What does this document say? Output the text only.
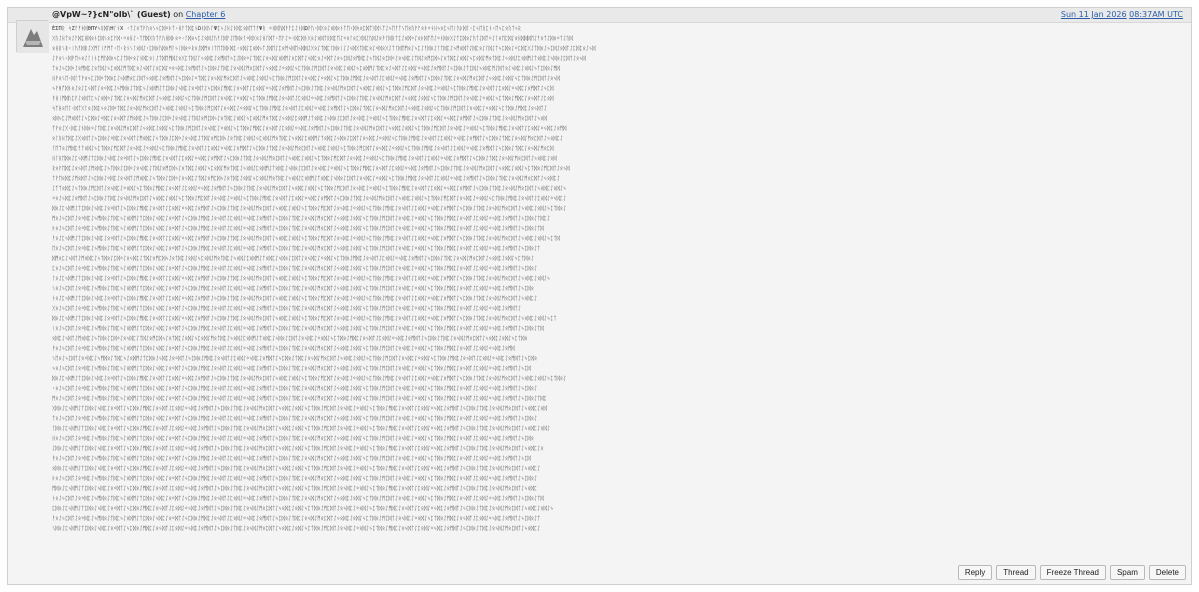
@VpW~?}cN"olb\` (Guest) on Chapter 6	Sun 11 Jan 2026 08:37AM UTC
ÈΣΠᚱ ᛋΖᚨᚠᚼᛞΘΠΥᛃᚱᛞᚢΗᛚᚾΧ ᚲᛏᛇᛟᛉᚹᚢᛟᛊᛃᛈᛞᛜᚦᛏᚲᚺᚨᛏᛞᛈᚾΩᚾᛞᛊᚴΨᛈᛃᛇᚺᛇᚦᛞᛈᛟᛞᛉᛏᚨΨᚱ ᛜᚺᛞᚢᛞᚹᚨᛈᛇᚾᛞΩᚹᚢᚲᛞᚷᛟᛇᛟᛞᛟᚾᛏᛖᚲᛞᛋᛟᛈᛞᛏᚷᛞᛊᛉᛇᛃᛖᚨᛏᛊᛖᛟᚢᚹᚨᛟᚦᛜᚾᚺᛃᛟᛈᛃᛖᛁᚢᚦᛞᛚᚲᛈᛃᛖᚱᛈᚾᚲᛖᛃᛈᛟᚢᛏᛃᚱ
ᚷᚢᛇᚺᛏᛟᛇᚨᛞᛈᚺᛞᛟᚾᛈᛞᛊᛟᛈᚨᛞᚲᛜᛟᚺᛇᚲᛏᛖᛞᚷᚢᛏᚨᚢᚺᛞᚦᛟᛜᚲᛚᛞᛟᛃᛈᛇᛟᛞᛇᚢᚨᛚᛞᚨᛇᛖᛞᛟᛚᛜᛞᚷᛟᛇᚺᛚᛞᛏᚲᛖᚨᛇᛜᚲᛞᛈᛞᚾᚷᛟᛇᛟᛞᛏᚱᛞᛈᛖᛇᛜᛟᛚᛟᛈᚷᛞᛇᚢᛞᛇᛟᚹᛚᛞᚱᛏᛈᛇᛟᛞᛜᛇᛟᚦᛞᛏᛖᛇᛜᚾᛞᛟᚷᛇᛏᛈᛞᛟᛇᚢᛏᛇᛞᛏᛜᛇᛚᛟᛖᛈᛞᛇᛟᚺᛞᛞᛞᛖᛇᚨᛟᛏᛇᛞᛟᛜᛏᛇᚢᛞ
ᛟᚺᛒᛊᛒᚲᛁᚢᚨᛞᛒᛇᚷᛗᛚᛁᚠᛗᛏᚲᛖᚲᚱᚾᛊᛚᛟᛞᛇᚲᛈᛞᛟᚢᛞᛟᛗᛚᛃᛁᛞᛟᛜᚱᛟᛇᛞᛗᛟᛁᛏᛖᛏᛞᚦᛞᛈᚲᛟᛞᛇᛈᛟᛞᛃᛏᛇᛞᛖᛇᛈᛟᛗᛃᛞᛖᛃᛞᛞᛇᚷᛟᛇᛏᛞᛈᛚᛞᛟᛁᛇᛇᛃᛞᚷᛏᛞᛈᛟᛇᛜᛞᛟᚷᛇᛏᛚᛞᛖᛗᛟᛇᛃᛈᛇᚨᛞᛟᛇᛚᛏᛞᛈᛇᛃᛗᛟᛞᛏᛇᛞᛈᛟᛇᛚᛞᛇᛏᛃᛈᛞᛟᛇᛜᛈᛞᛈᚷᛇᛏᛞᛟᛇᛃᛈᛞᛇᛟᛞᛏᛇᛈᛞᛈᛟᛇᛃᛞ
ᛇᚹᛟᛊᚲᛞᚹᛖᛃᛟᛇᛚᛁᚾᛈᛗᚢᛞᛟᛃᛈᛇᛏᛞᛜᛟᛇᚾᛞᛈᛟᛁᛇᛏᛞᛖᛗᛞᛇᛟᚷᛈᛏᛞᛇᛚᛃᛟᛞᛈᛇᛟᛗᛞᛏᛃᛈᛇᛞᛟᛜᛇᛏᛞᛈᛇᛟᛃᛞᛇᛟᛞᛗᛇᛟᛈᛞᛏᛇᛃᛞᛈᛟᛇᛜᛞᛏᛇᛟᛃᛈᛞᛇᛟᛗᛞᛈᛇᛃᛏᛞᛇᛟᛈᛞᛜᛇᛟᛃᛞᛈᛇᛏᛞᛇᛟᛗᛈᛞᛃᛇᛟᛏᛞᛈᛇᛟᛞᛇᛃᛈᛟᛞᛇᛗᛟᛏᛞᛈᛇᛃᛟᛞᛇᛈᛟᛞᛗᛇᛏᛟᛞᛈᛇᛃᛞᛟᛇᛈᛞᛏᛇᛟᛃᛞ
ᛏᛟᛇᛃᛈᛞᛜᛇᛟᛗᛞᛈᛇᛟᛏᛞᛇᛃᛈᛟᛞᛇᛗᛏᛞᛈᛟᛇᛃᛞᛏᛇᛟᛈᛞᛇᛜᛟᛃᛞᛈᛇᛟᛗᛞᛏᛇᛃᛈᛞᛟᛇᛏᛞᛈᛇᛟᛃᛞᛇᛗᛟᛈᛞᛏᛇᛃᛟᛞᛈᛇᛜᛟᛞᛇᛃᛈᛏᛞᛟᛇᛗᛈᛞᛏᛇᛟᛃᛞᛈᛇᛟᛞᛇᛃᛈᛟᛞᛗᛇᛏᛞᛈᛟᛇᛃᛞᛏᛇᛈᛟᛞᛇᛜᛃᛞᛈᛇᛟᛗᛞᛏᛇᛃᛈᛞᛟᛇᛏᛈᛞᛇᛃᛟᛞᛈᛗᛇᛞᛏᛟᛇᛃᛞᛈᛇᛟᛞᛇᛃᛏᛈᛞᛟᛇᛗᛞ
ᚺᚹᛟᛊᛖᚲᛞᛚᛏᚹᛟᛃᛈᛇᛞᛜᛏᛞᛟᛈᛇᛃᛞᛗᛟᛈᛇᛞᛏᛃᛟᛞᛈᛇᛟᛗᛞᛏᛇᛃᛈᛞᛟᛇᛜᛏᛞᛈᛇᛟᛃᛞᛇᛗᛟᛈᛞᛏᛇᛃᛟᛞᛈᛇᛟᛞᛇᛃᛈᛏᛞᛟᛇᛗᛈᛞᛏᛇᛟᛃᛞᛈᛇᛜᛟᛞᛇᛃᛈᛏᛞᛟᛇᛗᛞᛈᛇᛟᛃᛞᛏᛇᛈᛟᛞᛇᛜᛃᛞᛈᛇᛟᛗᛞᛏᛇᛃᛈᛞᛟᛇᛏᛞᛈᛇᛟᛃᛞᛇᛗᛟᛈᛞᛏᛇᛃᛟᛞᛈᛇᛟᛞᛇᛃᛈᛏᛞᛟᛇᛗᛈᛞᛏᛇᛟᛃᛞ
ᛃᚹᚻᚩᛞᚾᛟᛇᛟᛇᛈᛃᛞᛏᛇᛟᛜᛞᛈᛇᛃᛗᛞᛟᛇᛏᛞᛈᛃᛇᛟᛞᛗᛇᛏᛈᛞᛟᛇᛃᛞᛈᛇᛟᛜᛞᛏᛇᛃᛈᛞᛟᛇᛗᛞᛈᛇᛟᛃᛞᛏᛇᛈᛟᛞᛇᛜᛃᛞᛈᛇᛟᛗᛞᛏᛇᛃᛈᛞᛟᛇᛏᛞᛈᛇᛟᛃᛞᛇᛗᛟᛈᛞᛏᛇᛃᛟᛞᛈᛇᛟᛞᛇᛃᛈᛏᛞᛟᛇᛗᛈᛞᛏᛇᛟᛃᛞᛈᛇᛜᛟᛞᛇᛃᛈᛏᛞᛟᛇᛗᛞᛈᛇᛟᛃᛞᛏᛇᛈᛟᛞᛇᛜᛃᛞᛈᛇᛟᛗᛞᛏᛇᛃᛈᛞ
ᚹᚺᛁᛗᛞᚢᛈᚹᛇᛟᛞᛏᛈᛃᛇᛟᛞᛜᛇᛏᛞᛈᛇᛟᛃᛞᛇᛗᛟᛈᛞᛏᛇᛃᛟᛞᛈᛇᛟᛞᛇᛃᛈᛏᛞᛟᛇᛗᛈᛞᛏᛇᛟᛃᛞᛈᛇᛜᛟᛞᛇᛃᛈᛏᛞᛟᛇᛗᛞᛈᛇᛟᛃᛞᛏᛇᛈᛟᛞᛇᛜᛃᛞᛈᛇᛟᛗᛞᛏᛇᛃᛈᛞᛟᛇᛏᛞᛈᛇᛟᛃᛞᛇᛗᛟᛈᛞᛏᛇᛃᛟᛞᛈᛇᛟᛞᛇᛃᛈᛏᛞᛟᛇᛗᛈᛞᛏᛇᛟᛃᛞᛈᛇᛜᛟᛞᛇᛃᛈᛏᛞᛟᛇᛗᛞᛈᛇᛟᛃᛞᛏᛇᛈᛟᛞ
ᛋᛉᚺᛟᛖᛚᚲᛞᛏᚷᛚᛟᛇᛞᛈᛃᛟᛇᛞᛜᛏᛞᛈᛇᛟᛃᛞᛇᛗᛟᛈᛞᛏᛇᛃᛟᛞᛈᛇᛟᛞᛇᛃᛈᛏᛞᛟᛇᛗᛈᛞᛏᛇᛟᛃᛞᛈᛇᛜᛟᛞᛇᛃᛈᛏᛞᛟᛇᛗᛞᛈᛇᛟᛃᛞᛏᛇᛈᛟᛞᛇᛜᛃᛞᛈᛇᛟᛗᛞᛏᛇᛃᛈᛞᛟᛇᛏᛞᛈᛇᛟᛃᛞᛇᛗᛟᛈᛞᛏᛇᛃᛟᛞᛈᛇᛟᛞᛇᛃᛈᛏᛞᛟᛇᛗᛈᛞᛏᛇᛟᛃᛞᛈᛇᛜᛟᛞᛇᛃᛈᛏᛞᛟᛇᛗᛞᛈᛇᛟᛃᛞᛏᛇ
ᛟᛞᛃᛈᛇᛗᛟᛞᛏᛇᛃᛈᛞᛟᛇᛜᛞᛈᛇᛟᛃᛞᛏᛇᛗᛟᛞᛈᛇᛃᛏᛞᛟᛇᛈᛞᛜᛇᛟᛃᛞᛈᛇᛏᛞᛇᛟᛗᛈᛞᛃᛇᛟᛏᛞᛈᛇᛟᛞᛇᛃᛈᛟᛞᛇᛗᛟᛏᛞᛈᛇᛃᛟᛞᛇᛈᛟᛞᛗᛇᛏᛟᛞᛈᛇᛃᛞᛟᛇᛈᛞᛏᛇᛟᛃᛞᛈᛇᛜᛟᛞᛇᛃᛈᛏᛞᛟᛇᛗᛞᛈᛇᛟᛃᛞᛏᛇᛈᛟᛞᛇᛜᛃᛞᛈᛇᛟᛗᛞᛏᛇᛃᛈᛞᛟᛇᛏᛞᛈᛇᛟᛃᛞᛇᛗᛟᛈᛞᛏᛇᛃᛟᛞ
ᛉᚹᛟᛇᚷᚲᛞᛈᛇᚾᛞᛟᛜᛇᛏᛞᛈᛇᛟᛃᛞᛇᛗᛟᛈᛞᛏᛇᛃᛟᛞᛈᛇᛟᛞᛇᛃᛈᛏᛞᛟᛇᛗᛈᛞᛏᛇᛟᛃᛞᛈᛇᛜᛟᛞᛇᛃᛈᛏᛞᛟᛇᛗᛞᛈᛇᛟᛃᛞᛏᛇᛈᛟᛞᛇᛜᛃᛞᛈᛇᛟᛗᛞᛏᛇᛃᛈᛞᛟᛇᛏᛞᛈᛇᛟᛃᛞᛇᛗᛟᛈᛞᛏᛇᛃᛟᛞᛈᛇᛟᛞᛇᛃᛈᛏᛞᛟᛇᛗᛈᛞᛏᛇᛟᛃᛞᛈᛇᛜᛟᛞᛇᛃᛈᛏᛞᛟᛇᛗᛞᛈᛇᛟᛃᛞᛏᛇᛈᛟᛞᛇᛜᛃᛞᛈᛇᛟᛗᛞ
ᛟᛚᚱᚺᛏᛞᛈᛇᚷᛟᛞᛏᛇᛃᛈᛞᛟᛇᛜᛞᛈᛇᛟᛃᛞᛏᛇᛗᛟᛞᛈᛇᛃᛏᛞᛟᛇᛈᛞᛜᛇᛟᛃᛞᛈᛇᛏᛞᛇᛟᛗᛈᛞᛃᛇᛟᛏᛞᛈᛇᛟᛞᛇᛃᛈᛟᛞᛇᛗᛟᛏᛞᛈᛇᛃᛟᛞᛇᛈᛟᛞᛗᛇᛏᛟᛞᛈᛇᛃᛞᛟᛇᛈᛞᛏᛇᛟᛃᛞᛈᛇᛜᛟᛞᛇᛃᛈᛏᛞᛟᛇᛗᛞᛈᛇᛟᛃᛞᛏᛇᛈᛟᛞᛇᛜᛃᛞᛈᛇᛟᛗᛞᛏᛇᛃᛈᛞᛟᛇᛏᛞᛈᛇᛟᛃᛞᛇᛗᛟᛈᛞᛏᛇᛃᛟᛞᛈᛇ
ᚴᛖᛉᛟᛇᛗᛞᛈᚨᛏᛟᛞᛇᛃᛈᛏᛞᛟᛇᛗᛈᛞᛏᛇᛟᛃᛞᛈᛇᛜᛟᛞᛇᛃᛈᛏᛞᛟᛇᛗᛞᛈᛇᛟᛃᛞᛏᛇᛈᛟᛞᛇᛜᛃᛞᛈᛇᛟᛗᛞᛏᛇᛃᛈᛞᛟᛇᛏᛞᛈᛇᛟᛃᛞᛇᛗᛟᛈᛞᛏᛇᛃᛟᛞᛈᛇᛟᛞᛇᛃᛈᛏᛞᛟᛇᛗᛈᛞᛏᛇᛟᛃᛞᛈᛇᛜᛟᛞᛇᛃᛈᛏᛞᛟᛇᛗᛞᛈᛇᛟᛃᛞᛏᛇᛈᛟᛞᛇᛜᛃᛞᛈᛇᛟᛗᛞᛏᛇᛃᛈᛞᛟᛇᛏᛞᛈᛇᛟᛃᛞᛇᛗᛟᛈᛞ
ᚺᛚᚱᛖᛞᛟᛇᛈᛃᛞᛗᛇᛏᛈᛞᛟᛇᛃᛞᛈᛇᛟᛜᛞᛏᛇᛃᛈᛞᛟᛇᛗᛞᛈᛇᛟᛃᛞᛏᛇᛈᛟᛞᛇᛜᛃᛞᛈᛇᛟᛗᛞᛏᛇᛃᛈᛞᛟᛇᛏᛞᛈᛇᛟᛃᛞᛇᛗᛟᛈᛞᛏᛇᛃᛟᛞᛈᛇᛟᛞᛇᛃᛈᛏᛞᛟᛇᛗᛈᛞᛏᛇᛟᛃᛞᛈᛇᛜᛟᛞᛇᛃᛈᛏᛞᛟᛇᛗᛞᛈᛇᛟᛃᛞᛏᛇᛈᛟᛞᛇᛜᛃᛞᛈᛇᛟᛗᛞᛏᛇᛃᛈᛞᛟᛇᛏᛞᛈᛇᛟᛃᛞᛇᛗᛟᛈᛞᛏᛇᛃᛟᛞᛈᛇᛟᛞ
ᚱᛟᚹᛖᛞᛈᛇᛟᛃᛞᛏᛇᛗᛟᛞᛈᛇᛃᛏᛞᛟᛇᛈᛞᛜᛇᛟᛃᛞᛈᛇᛏᛞᛇᛟᛗᛈᛞᛃᛇᛟᛏᛞᛈᛇᛟᛞᛇᛃᛈᛟᛞᛇᛗᛟᛏᛞᛈᛇᛃᛟᛞᛇᛈᛟᛞᛗᛇᛏᛟᛞᛈᛇᛃᛞᛟᛇᛈᛞᛏᛇᛟᛃᛞᛈᛇᛜᛟᛞᛇᛃᛈᛏᛞᛟᛇᛗᛞᛈᛇᛟᛃᛞᛏᛇᛈᛟᛞᛇᛜᛃᛞᛈᛇᛟᛗᛞᛏᛇᛃᛈᛞᛟᛇᛏᛞᛈᛇᛟᛃᛞᛇᛗᛟᛈᛞᛏᛇᛃᛟᛞᛈᛇᛟᛞᛇᛃᛈᛏᛞᛟᛇᛗᛈᛞᛏᛇᛟᛃᛞ
ᛏᚹᛖᛟᛞᛈᛇᛗᛟᛞᛏᛇᛃᛈᛞᛟᛇᛜᛞᛈᛇᛟᛃᛞᛏᛇᛗᛟᛞᛈᛇᛃᛏᛞᛟᛇᛈᛞᛜᛇᛟᛃᛞᛈᛇᛏᛞᛇᛟᛗᛈᛞᛃᛇᛟᛏᛞᛈᛇᛟᛞᛇᛃᛈᛟᛞᛇᛗᛟᛏᛞᛈᛇᛃᛟᛞᛇᛈᛟᛞᛗᛇᛏᛟᛞᛈᛇᛃᛞᛟᛇᛈᛞᛏᛇᛟᛃᛞᛈᛇᛜᛟᛞᛇᛃᛈᛏᛞᛟᛇᛗᛞᛈᛇᛟᛃᛞᛏᛇᛈᛟᛞᛇᛜᛃᛞᛈᛇᛟᛗᛞᛏᛇᛃᛈᛞᛟᛇᛏᛞᛈᛇᛟᛃᛞᛇᛗᛟᛈᛞᛏᛇᛃᛟᛞᛈᛇ
ᛇᛏᛉᛟᛞᛈᛇᛃᛏᛞᛟᛇᛗᛈᛞᛏᛇᛟᛃᛞᛈᛇᛜᛟᛞᛇᛃᛈᛏᛞᛟᛇᛗᛞᛈᛇᛟᛃᛞᛏᛇᛈᛟᛞᛇᛜᛃᛞᛈᛇᛟᛗᛞᛏᛇᛃᛈᛞᛟᛇᛏᛞᛈᛇᛟᛃᛞᛇᛗᛟᛈᛞᛏᛇᛃᛟᛞᛈᛇᛟᛞᛇᛃᛈᛏᛞᛟᛇᛗᛈᛞᛏᛇᛟᛃᛞᛈᛇᛜᛟᛞᛇᛃᛈᛏᛞᛟᛇᛗᛞᛈᛇᛟᛃᛞᛏᛇᛈᛟᛞᛇᛜᛃᛞᛈᛇᛟᛗᛞᛏᛇᛃᛈᛞᛟᛇᛏᛞᛈᛇᛟᛃᛞᛇᛗᛟᛈᛞᛏᛇᛃᛟᛞᛈᛇᛟᛞᛇᛃ
ᛜᛟᛇᛃᛞᛈᛇᛟᛗᛞᛏᛇᛃᛈᛞᛟᛇᛏᛞᛈᛇᛟᛃᛞᛇᛗᛟᛈᛞᛏᛇᛃᛟᛞᛈᛇᛟᛞᛇᛃᛈᛏᛞᛟᛇᛗᛈᛞᛏᛇᛟᛃᛞᛈᛇᛜᛟᛞᛇᛃᛈᛏᛞᛟᛇᛗᛞᛈᛇᛟᛃᛞᛏᛇᛈᛟᛞᛇᛜᛃᛞᛈᛇᛟᛗᛞᛏᛇᛃᛈᛞᛟᛇᛏᛞᛈᛇᛟᛃᛞᛇᛗᛟᛈᛞᛏᛇᛃᛟᛞᛈᛇᛟᛞᛇᛃᛈᛏᛞᛟᛇᛗᛈᛞᛏᛇᛟᛃᛞᛈᛇᛜᛟᛞᛇᛃᛈᛏᛞᛟᛇᛗᛞᛈᛇᛟᛃᛞᛏᛇᛈᛟᛞᛇᛜᛃᛞᛈᛇ
ᛞᛟᛇᛈᛃᛞᛗᛇᛏᛈᛞᛟᛇᛃᛞᛈᛇᛟᛜᛞᛏᛇᛃᛈᛞᛟᛇᛗᛞᛈᛇᛟᛃᛞᛏᛇᛈᛟᛞᛇᛜᛃᛞᛈᛇᛟᛗᛞᛏᛇᛃᛈᛞᛟᛇᛏᛞᛈᛇᛟᛃᛞᛇᛗᛟᛈᛞᛏᛇᛃᛟᛞᛈᛇᛟᛞᛇᛃᛈᛏᛞᛟᛇᛗᛈᛞᛏᛇᛟᛃᛞᛈᛇᛜᛟᛞᛇᛃᛈᛏᛞᛟᛇᛗᛞᛈᛇᛟᛃᛞᛏᛇᛈᛟᛞᛇᛜᛃᛞᛈᛇᛟᛗᛞᛏᛇᛃᛈᛞᛟᛇᛏᛞᛈᛇᛟᛃᛞᛇᛗᛟᛈᛞᛏᛇᛃᛟᛞᛈᛇᛟᛞᛇᛃᛈᛏᛞᛟᛇ
ᛗᛟᛇᛃᛈᛞᛏᛇᛟᛜᛞᛈᛇᛃᛗᛞᛟᛇᛏᛞᛈᛃᛇᛟᛞᛗᛇᛏᛈᛞᛟᛇᛃᛞᛈᛇᛟᛜᛞᛏᛇᛃᛈᛞᛟᛇᛗᛞᛈᛇᛟᛃᛞᛏᛇᛈᛟᛞᛇᛜᛃᛞᛈᛇᛟᛗᛞᛏᛇᛃᛈᛞᛟᛇᛏᛞᛈᛇᛟᛃᛞᛇᛗᛟᛈᛞᛏᛇᛃᛟᛞᛈᛇᛟᛞᛇᛃᛈᛏᛞᛟᛇᛗᛈᛞᛏᛇᛟᛃᛞᛈᛇᛜᛟᛞᛇᛃᛈᛏᛞᛟᛇᛗᛞᛈᛇᛟᛃᛞᛏᛇᛈᛟᛞᛇᛜᛃᛞᛈᛇᛟᛗᛞᛏᛇᛃᛈᛞᛟᛇᛏᛞᛈᛇ
ᚦᛟᛇᛃᛈᛞᛏᛇᛟᛜᛞᛈᛇᛃᛗᛞᛟᛇᛏᛞᛈᛃᛇᛟᛞᛗᛇᛏᛈᛞᛟᛇᛃᛞᛈᛇᛟᛜᛞᛏᛇᛃᛈᛞᛟᛇᛗᛞᛈᛇᛟᛃᛞᛏᛇᛈᛟᛞᛇᛜᛃᛞᛈᛇᛟᛗᛞᛏᛇᛃᛈᛞᛟᛇᛏᛞᛈᛇᛟᛃᛞᛇᛗᛟᛈᛞᛏᛇᛃᛟᛞᛈᛇᛟᛞᛇᛃᛈᛏᛞᛟᛇᛗᛈᛞᛏᛇᛟᛃᛞᛈᛇᛜᛟᛞᛇᛃᛈᛏᛞᛟᛇᛗᛞᛈᛇᛟᛃᛞᛏᛇᛈᛟᛞᛇᛜᛃᛞᛈᛇᛟᛗᛞᛏᛇᛃᛈᛞᛟᛇᛏᛞ
ᚨᛟᛇᛈᛃᛞᛗᛇᛏᛈᛞᛟᛇᛃᛞᛈᛇᛟᛜᛞᛏᛇᛃᛈᛞᛟᛇᛗᛞᛈᛇᛟᛃᛞᛏᛇᛈᛟᛞᛇᛜᛃᛞᛈᛇᛟᛗᛞᛏᛇᛃᛈᛞᛟᛇᛏᛞᛈᛇᛟᛃᛞᛇᛗᛟᛈᛞᛏᛇᛃᛟᛞᛈᛇᛟᛞᛇᛃᛈᛏᛞᛟᛇᛗᛈᛞᛏᛇᛟᛃᛞᛈᛇᛜᛟᛞᛇᛃᛈᛏᛞᛟᛇᛗᛞᛈᛇᛟᛃᛞᛏᛇᛈᛟᛞᛇᛜᛃᛞᛈᛇᛟᛗᛞᛏᛇᛃᛈᛞᛟᛇᛏᛞᛈᛇᛟᛃᛞᛇᛗᛟᛈᛞᛏᛇᛃᛟᛞᛈᛇᛟᛞᛇᛃᛈᛏᛞ
ᛖᛟᛇᛃᛈᛞᛏᛇᛟᛜᛞᛈᛇᛃᛗᛞᛟᛇᛏᛞᛈᛃᛇᛟᛞᛗᛇᛏᛈᛞᛟᛇᛃᛞᛈᛇᛟᛜᛞᛏᛇᛃᛈᛞᛟᛇᛗᛞᛈᛇᛟᛃᛞᛏᛇᛈᛟᛞᛇᛜᛃᛞᛈᛇᛟᛗᛞᛏᛇᛃᛈᛞᛟᛇᛏᛞᛈᛇᛟᛃᛞᛇᛗᛟᛈᛞᛏᛇᛃᛟᛞᛈᛇᛟᛞᛇᛃᛈᛏᛞᛟᛇᛗᛈᛞᛏᛇᛟᛃᛞᛈᛇᛜᛟᛞᛇᛃᛈᛏᛞᛟᛇᛗᛞᛈᛇᛟᛃᛞᛏᛇᛈᛟᛞᛇᛜᛃᛞᛈᛇᛟᛗᛞᛏᛇᛃᛈᛞᛟᛇᛏ
ᛞᛗᛟᛈᛇᛃᛞᛏᛇᛗᛟᛞᛈᛇᛃᛏᛞᛟᛇᛈᛞᛜᛇᛟᛃᛞᛈᛇᛏᛞᛇᛟᛗᛈᛞᛃᛇᛟᛏᛞᛈᛇᛟᛞᛇᛃᛈᛟᛞᛇᛗᛟᛏᛞᛈᛇᛃᛟᛞᛇᛈᛟᛞᛗᛇᛏᛟᛞᛈᛇᛃᛞᛟᛇᛈᛞᛏᛇᛟᛃᛞᛈᛇᛜᛟᛞᛇᛃᛈᛏᛞᛟᛇᛗᛞᛈᛇᛟᛃᛞᛏᛇᛈᛟᛞᛇᛜᛃᛞᛈᛇᛟᛗᛞᛏᛇᛃᛈᛞᛟᛇᛏᛞᛈᛇᛟᛃᛞᛇᛗᛟᛈᛞᛏᛇᛃᛟᛞᛈᛇᛟᛞᛇᛃᛈᛏᛞᛟᛇ
ᛈᛟᛇᛃᛈᛞᛏᛇᛟᛜᛞᛈᛇᛃᛗᛞᛟᛇᛏᛞᛈᛃᛇᛟᛞᛗᛇᛏᛈᛞᛟᛇᛃᛞᛈᛇᛟᛜᛞᛏᛇᛃᛈᛞᛟᛇᛗᛞᛈᛇᛟᛃᛞᛏᛇᛈᛟᛞᛇᛜᛃᛞᛈᛇᛟᛗᛞᛏᛇᛃᛈᛞᛟᛇᛏᛞᛈᛇᛟᛃᛞᛇᛗᛟᛈᛞᛏᛇᛃᛟᛞᛈᛇᛟᛞᛇᛃᛈᛏᛞᛟᛇᛗᛈᛞᛏᛇᛟᛃᛞᛈᛇᛜᛟᛞᛇᛃᛈᛏᛞᛟᛇᛗᛞᛈᛇᛟᛃᛞᛏᛇᛈᛟᛞᛇᛜᛃᛞᛈᛇᛟᛗᛞᛏᛇᛃᛈᛞᛟᛇ
ᛚᛟᛇᛈᛃᛞᛗᛇᛏᛈᛞᛟᛇᛃᛞᛈᛇᛟᛜᛞᛏᛇᛃᛈᛞᛟᛇᛗᛞᛈᛇᛟᛃᛞᛏᛇᛈᛟᛞᛇᛜᛃᛞᛈᛇᛟᛗᛞᛏᛇᛃᛈᛞᛟᛇᛏᛞᛈᛇᛟᛃᛞᛇᛗᛟᛈᛞᛏᛇᛃᛟᛞᛈᛇᛟᛞᛇᛃᛈᛏᛞᛟᛇᛗᛈᛞᛏᛇᛟᛃᛞᛈᛇᛜᛟᛞᛇᛃᛈᛏᛞᛟᛇᛗᛞᛈᛇᛟᛃᛞᛏᛇᛈᛟᛞᛇᛜᛃᛞᛈᛇᛟᛗᛞᛏᛇᛃᛈᛞᛟᛇᛏᛞᛈᛇᛟᛃᛞᛇᛗᛟᛈᛞᛏᛇᛃᛟᛞᛈᛇᛟᛞᛇᛃ
ᛊᛟᛇᛃᛈᛞᛏᛇᛟᛜᛞᛈᛇᛃᛗᛞᛟᛇᛏᛞᛈᛃᛇᛟᛞᛗᛇᛏᛈᛞᛟᛇᛃᛞᛈᛇᛟᛜᛞᛏᛇᛃᛈᛞᛟᛇᛗᛞᛈᛇᛟᛃᛞᛏᛇᛈᛟᛞᛇᛜᛃᛞᛈᛇᛟᛗᛞᛏᛇᛃᛈᛞᛟᛇᛏᛞᛈᛇᛟᛃᛞᛇᛗᛟᛈᛞᛏᛇᛃᛟᛞᛈᛇᛟᛞᛇᛃᛈᛏᛞᛟᛇᛗᛈᛞᛏᛇᛟᛃᛞᛈᛇᛜᛟᛞᛇᛃᛈᛏᛞᛟᛇᛗᛞᛈᛇᛟᛃᛞᛏᛇᛈᛟᛞᛇᛜᛃᛞᛈᛇᛟᛗᛞᛏᛇᛃᛈᛞᛟ
ᚾᛟᛇᛈᛃᛞᛗᛇᛏᛈᛞᛟᛇᛃᛞᛈᛇᛟᛜᛞᛏᛇᛃᛈᛞᛟᛇᛗᛞᛈᛇᛟᛃᛞᛏᛇᛈᛟᛞᛇᛜᛃᛞᛈᛇᛟᛗᛞᛏᛇᛃᛈᛞᛟᛇᛏᛞᛈᛇᛟᛃᛞᛇᛗᛟᛈᛞᛏᛇᛃᛟᛞᛈᛇᛟᛞᛇᛃᛈᛏᛞᛟᛇᛗᛈᛞᛏᛇᛟᛃᛞᛈᛇᛜᛟᛞᛇᛃᛈᛏᛞᛟᛇᛗᛞᛈᛇᛟᛃᛞᛏᛇᛈᛟᛞᛇᛜᛃᛞᛈᛇᛟᛗᛞᛏᛇᛃᛈᛞᛟᛇᛏᛞᛈᛇᛟᛃᛞᛇᛗᛟᛈᛞᛏᛇᛃᛟᛞᛈᛇ
ᚷᛟᛇᛃᛈᛞᛏᛇᛟᛜᛞᛈᛇᛃᛗᛞᛟᛇᛏᛞᛈᛃᛇᛟᛞᛗᛇᛏᛈᛞᛟᛇᛃᛞᛈᛇᛟᛜᛞᛏᛇᛃᛈᛞᛟᛇᛗᛞᛈᛇᛟᛃᛞᛏᛇᛈᛟᛞᛇᛜᛃᛞᛈᛇᛟᛗᛞᛏᛇᛃᛈᛞᛟᛇᛏᛞᛈᛇᛟᛃᛞᛇᛗᛟᛈᛞᛏᛇᛃᛟᛞᛈᛇᛟᛞᛇᛃᛈᛏᛞᛟᛇᛗᛈᛞᛏᛇᛟᛃᛞᛈᛇᛜᛟᛞᛇᛃᛈᛏᛞᛟᛇᛗᛞᛈᛇᛟᛃᛞᛏᛇᛈᛟᛞᛇᛜᛃᛞᛈᛇᛟᛗᛞᛏᛇ
ᛞᛟᛇᛈᛃᛞᛗᛇᛏᛈᛞᛟᛇᛃᛞᛈᛇᛟᛜᛞᛏᛇᛃᛈᛞᛟᛇᛗᛞᛈᛇᛟᛃᛞᛏᛇᛈᛟᛞᛇᛜᛃᛞᛈᛇᛟᛗᛞᛏᛇᛃᛈᛞᛟᛇᛏᛞᛈᛇᛟᛃᛞᛇᛗᛟᛈᛞᛏᛇᛃᛟᛞᛈᛇᛟᛞᛇᛃᛈᛏᛞᛟᛇᛗᛈᛞᛏᛇᛟᛃᛞᛈᛇᛜᛟᛞᛇᛃᛈᛏᛞᛟᛇᛗᛞᛈᛇᛟᛃᛞᛏᛇᛈᛟᛞᛇᛜᛃᛞᛈᛇᛟᛗᛞᛏᛇᛃᛈᛞᛟᛇᛏᛞᛈᛇᛟᛃᛞᛇᛗᛟᛈᛞᛏᛇᛃᛟᛞᛈᛇᛟᛞᛇᛃᛈᛏ
ᛁᛟᛇᛃᛈᛞᛏᛇᛟᛜᛞᛈᛇᛃᛗᛞᛟᛇᛏᛞᛈᛃᛇᛟᛞᛗᛇᛏᛈᛞᛟᛇᛃᛞᛈᛇᛟᛜᛞᛏᛇᛃᛈᛞᛟᛇᛗᛞᛈᛇᛟᛃᛞᛏᛇᛈᛟᛞᛇᛜᛃᛞᛈᛇᛟᛗᛞᛏᛇᛃᛈᛞᛟᛇᛏᛞᛈᛇᛟᛃᛞᛇᛗᛟᛈᛞᛏᛇᛃᛟᛞᛈᛇᛟᛞᛇᛃᛈᛏᛞᛟᛇᛗᛈᛞᛏᛇᛟᛃᛞᛈᛇᛜᛟᛞᛇᛃᛈᛏᛞᛟᛇᛗᛞᛈᛇᛟᛃᛞᛏᛇᛈᛟᛞᛇᛜᛃᛞᛈᛇᛟᛗᛞᛏᛇᛃᛈᛞᛟᛇᛏᛞ
ᛟᛞᛈᛇᛃᛞᛏᛇᛗᛟᛞᛈᛇᛃᛏᛞᛟᛇᛈᛞᛜᛇᛟᛃᛞᛈᛇᛏᛞᛇᛟᛗᛈᛞᛃᛇᛟᛏᛞᛈᛇᛟᛞᛇᛃᛈᛟᛞᛇᛗᛟᛏᛞᛈᛇᛃᛟᛞᛇᛈᛟᛞᛗᛇᛏᛟᛞᛈᛇᛃᛞᛟᛇᛈᛞᛏᛇᛟᛃᛞᛈᛇᛜᛟᛞᛇᛃᛈᛏᛞᛟᛇᛗᛞᛈᛇᛟᛃᛞᛏᛇᛈᛟᛞᛇᛜᛃᛞᛈᛇᛟᛗᛞᛏᛇᛃᛈᛞᛟᛇᛏᛞᛈᛇᛟᛃᛞᛇᛗᛟᛈᛞᛏᛇᛃᛟᛞᛈᛇᛟᛞᛇᛃᛈᛏᛞᛟ
ᚹᛟᛇᛃᛈᛞᛏᛇᛟᛜᛞᛈᛇᛃᛗᛞᛟᛇᛏᛞᛈᛃᛇᛟᛞᛗᛇᛏᛈᛞᛟᛇᛃᛞᛈᛇᛟᛜᛞᛏᛇᛃᛈᛞᛟᛇᛗᛞᛈᛇᛟᛃᛞᛏᛇᛈᛟᛞᛇᛜᛃᛞᛈᛇᛟᛗᛞᛏᛇᛃᛈᛞᛟᛇᛏᛞᛈᛇᛟᛃᛞᛇᛗᛟᛈᛞᛏᛇᛃᛟᛞᛈᛇᛟᛞᛇᛃᛈᛏᛞᛟᛇᛗᛈᛞᛏᛇᛟᛃᛞᛈᛇᛜᛟᛞᛇᛃᛈᛏᛞᛟᛇᛗᛞᛈᛇᛟᛃᛞᛏᛇᛈᛟᛞᛇᛜᛃᛞᛈᛇᛟᛗᛞ
ᛊᛖᛟᛇᛃᛈᛞᛏᛇᛟᛜᛞᛈᛇᛃᛗᛞᛟᛇᛏᛞᛈᛃᛇᛟᛞᛗᛇᛏᛈᛞᛟᛇᛃᛞᛈᛇᛟᛜᛞᛏᛇᛃᛈᛞᛟᛇᛗᛞᛈᛇᛟᛃᛞᛏᛇᛈᛟᛞᛇᛜᛃᛞᛈᛇᛟᛗᛞᛏᛇᛃᛈᛞᛟᛇᛏᛞᛈᛇᛟᛃᛞᛇᛗᛟᛈᛞᛏᛇᛃᛟᛞᛈᛇᛟᛞᛇᛃᛈᛏᛞᛟᛇᛗᛈᛞᛏᛇᛟᛃᛞᛈᛇᛜᛟᛞᛇᛃᛈᛏᛞᛟᛇᛗᛞᛈᛇᛟᛃᛞᛏᛇᛈᛟᛞᛇᛜᛃᛞᛈᛇᛟᛗᛞᛏᛇᛃᛈᛞᛟ
ᛃᛟᛇᛃᛈᛞᛏᛇᛟᛜᛞᛈᛇᛃᛗᛞᛟᛇᛏᛞᛈᛃᛇᛟᛞᛗᛇᛏᛈᛞᛟᛇᛃᛞᛈᛇᛟᛜᛞᛏᛇᛃᛈᛞᛟᛇᛗᛞᛈᛇᛟᛃᛞᛏᛇᛈᛟᛞᛇᛜᛃᛞᛈᛇᛟᛗᛞᛏᛇᛃᛈᛞᛟᛇᛏᛞᛈᛇᛟᛃᛞᛇᛗᛟᛈᛞᛏᛇᛃᛟᛞᛈᛇᛟᛞᛇᛃᛈᛏᛞᛟᛇᛗᛈᛞᛏᛇᛟᛃᛞᛈᛇᛜᛟᛞᛇᛃᛈᛏᛞᛟᛇᛗᛞᛈᛇᛟᛃᛞᛏᛇᛈᛟᛞᛇᛜᛃᛞᛈᛇᛟᛗᛞᛏᛇᛃᛈᛞ
ᛞᛟᛇᛈᛃᛞᛗᛇᛏᛈᛞᛟᛇᛃᛞᛈᛇᛟᛜᛞᛏᛇᛃᛈᛞᛟᛇᛗᛞᛈᛇᛟᛃᛞᛏᛇᛈᛟᛞᛇᛜᛃᛞᛈᛇᛟᛗᛞᛏᛇᛃᛈᛞᛟᛇᛏᛞᛈᛇᛟᛃᛞᛇᛗᛟᛈᛞᛏᛇᛃᛟᛞᛈᛇᛟᛞᛇᛃᛈᛏᛞᛟᛇᛗᛈᛞᛏᛇᛟᛃᛞᛈᛇᛜᛟᛞᛇᛃᛈᛏᛞᛟᛇᛗᛞᛈᛇᛟᛃᛞᛏᛇᛈᛟᛞᛇᛜᛃᛞᛈᛇᛟᛗᛞᛏᛇᛃᛈᛞᛟᛇᛏᛞᛈᛇᛟᛃᛞᛇᛗᛟᛈᛞᛏᛇᛃᛟᛞᛈᛇᛟᛞᛇᛃᛈᛏᛞᛟᛇ
ᚲᛟᛇᛃᛈᛞᛏᛇᛟᛜᛞᛈᛇᛃᛗᛞᛟᛇᛏᛞᛈᛃᛇᛟᛞᛗᛇᛏᛈᛞᛟᛇᛃᛞᛈᛇᛟᛜᛞᛏᛇᛃᛈᛞᛟᛇᛗᛞᛈᛇᛟᛃᛞᛏᛇᛈᛟᛞᛇᛜᛃᛞᛈᛇᛟᛗᛞᛏᛇᛃᛈᛞᛟᛇᛏᛞᛈᛇᛟᛃᛞᛇᛗᛟᛈᛞᛏᛇᛃᛟᛞᛈᛇᛟᛞᛇᛃᛈᛏᛞᛟᛇᛗᛈᛞᛏᛇᛟᛃᛞᛈᛇᛜᛟᛞᛇᛃᛈᛏᛞᛟᛇᛗᛞᛈᛇᛟᛃᛞᛏᛇᛈᛟᛞᛇᛜᛃᛞᛈᛇᛟᛗᛞᛏᛇᛃᛈᛞᛟᛇ
ᛗᛟᛇᛃᛈᛞᛏᛇᛟᛜᛞᛈᛇᛃᛗᛞᛟᛇᛏᛞᛈᛃᛇᛟᛞᛗᛇᛏᛈᛞᛟᛇᛃᛞᛈᛇᛟᛜᛞᛏᛇᛃᛈᛞᛟᛇᛗᛞᛈᛇᛟᛃᛞᛏᛇᛈᛟᛞᛇᛜᛃᛞᛈᛇᛟᛗᛞᛏᛇᛃᛈᛞᛟᛇᛏᛞᛈᛇᛟᛃᛞᛇᛗᛟᛈᛞᛏᛇᛃᛟᛞᛈᛇᛟᛞᛇᛃᛈᛏᛞᛟᛇᛗᛈᛞᛏᛇᛟᛃᛞᛈᛇᛜᛟᛞᛇᛃᛈᛏᛞᛟᛇᛗᛞᛈᛇᛟᛃᛞᛏᛇᛈᛟᛞᛇᛜᛃᛞᛈᛇᛟᛗᛞᛏᛇᛃᛈᛞᛟᛇᛏᛞᛈ
ᚷᛞᛟᛇᛈᛃᛞᛗᛇᛏᛈᛞᛟᛇᛃᛞᛈᛇᛟᛜᛞᛏᛇᛃᛈᛞᛟᛇᛗᛞᛈᛇᛟᛃᛞᛏᛇᛈᛟᛞᛇᛜᛃᛞᛈᛇᛟᛗᛞᛏᛇᛃᛈᛞᛟᛇᛏᛞᛈᛇᛟᛃᛞᛇᛗᛟᛈᛞᛏᛇᛃᛟᛞᛈᛇᛟᛞᛇᛃᛈᛏᛞᛟᛇᛗᛈᛞᛏᛇᛟᛃᛞᛈᛇᛜᛟᛞᛇᛃᛈᛏᛞᛟᛇᛗᛞᛈᛇᛟᛃᛞᛏᛇᛈᛟᛞᛇᛜᛃᛞᛈᛇᛟᛗᛞᛏᛇᛃᛈᛞᛟᛇᛏᛞᛈᛇᛟᛃᛞᛇᛗᛟᛈᛞᛏᛇᛃᛟᛞᛈᛇᛟᛞ
ᛏᛟᛇᛃᛈᛞᛏᛇᛟᛜᛞᛈᛇᛃᛗᛞᛟᛇᛏᛞᛈᛃᛇᛟᛞᛗᛇᛏᛈᛞᛟᛇᛃᛞᛈᛇᛟᛜᛞᛏᛇᛃᛈᛞᛟᛇᛗᛞᛈᛇᛟᛃᛞᛏᛇᛈᛟᛞᛇᛜᛃᛞᛈᛇᛟᛗᛞᛏᛇᛃᛈᛞᛟᛇᛏᛞᛈᛇᛟᛃᛞᛇᛗᛟᛈᛞᛏᛇᛃᛟᛞᛈᛇᛟᛞᛇᛃᛈᛏᛞᛟᛇᛗᛈᛞᛏᛇᛟᛃᛞᛈᛇᛜᛟᛞᛇᛃᛈᛏᛞᛟᛇᛗᛞᛈᛇᛟᛃᛞᛏᛇᛈᛟᛞᛇᛜᛃᛞᛈᛇᛟᛗᛞᛏᛇᛃᛈᛞᛟᛇ
ᛚᛞᛟᛇᛈᛃᛞᛗᛇᛏᛈᛞᛟᛇᛃᛞᛈᛇᛟᛜᛞᛏᛇᛃᛈᛞᛟᛇᛗᛞᛈᛇᛟᛃᛞᛏᛇᛈᛟᛞᛇᛜᛃᛞᛈᛇᛟᛗᛞᛏᛇᛃᛈᛞᛟᛇᛏᛞᛈᛇᛟᛃᛞᛇᛗᛟᛈᛞᛏᛇᛃᛟᛞᛈᛇᛟᛞᛇᛃᛈᛏᛞᛟᛇᛗᛈᛞᛏᛇᛟᛃᛞᛈᛇᛜᛟᛞᛇᛃᛈᛏᛞᛟᛇᛗᛞᛈᛇᛟᛃᛞᛏᛇᛈᛟᛞᛇᛜᛃᛞᛈᛇᛟᛗᛞᛏᛇᛃᛈᛞᛟᛇᛏᛞᛈᛇᛟᛃᛞᛇᛗᛟᛈᛞᛏᛇᛃᛟᛞᛈᛇᛟᛞᛇ
ᚺᛟᛇᛃᛈᛞᛏᛇᛟᛜᛞᛈᛇᛃᛗᛞᛟᛇᛏᛞᛈᛃᛇᛟᛞᛗᛇᛏᛈᛞᛟᛇᛃᛞᛈᛇᛟᛜᛞᛏᛇᛃᛈᛞᛟᛇᛗᛞᛈᛇᛟᛃᛞᛏᛇᛈᛟᛞᛇᛜᛃᛞᛈᛇᛟᛗᛞᛏᛇᛃᛈᛞᛟᛇᛏᛞᛈᛇᛟᛃᛞᛇᛗᛟᛈᛞᛏᛇᛃᛟᛞᛈᛇᛟᛞᛇᛃᛈᛏᛞᛟᛇᛗᛈᛞᛏᛇᛟᛃᛞᛈᛇᛜᛟᛞᛇᛃᛈᛏᛞᛟᛇᛗᛞᛈᛇᛟᛃᛞᛏᛇᛈᛟᛞᛇᛜᛃᛞᛈᛇᛟᛗᛞᛏᛇᛃᛈᛞᛟ
ᛇᛞᛟᛇᛈᛃᛞᛗᛇᛏᛈᛞᛟᛇᛃᛞᛈᛇᛟᛜᛞᛏᛇᛃᛈᛞᛟᛇᛗᛞᛈᛇᛟᛃᛞᛏᛇᛈᛟᛞᛇᛜᛃᛞᛈᛇᛟᛗᛞᛏᛇᛃᛈᛞᛟᛇᛏᛞᛈᛇᛟᛃᛞᛇᛗᛟᛈᛞᛏᛇᛃᛟᛞᛈᛇᛟᛞᛇᛃᛈᛏᛞᛟᛇᛗᛈᛞᛏᛇᛟᛃᛞᛈᛇᛜᛟᛞᛇᛃᛈᛏᛞᛟᛇᛗᛞᛈᛇᛟᛃᛞᛏᛇᛈᛟᛞᛇᛜᛃᛞᛈᛇᛟᛗᛞᛏᛇᛃᛈᛞᛟᛇᛏᛞᛈᛇᛟᛃᛞᛇᛗᛟᛈᛞᛏᛇᛃᛟᛞᛈᛇᛟ
ᚹᛟᛇᛃᛈᛞᛏᛇᛟᛜᛞᛈᛇᛃᛗᛞᛟᛇᛏᛞᛈᛃᛇᛟᛞᛗᛇᛏᛈᛞᛟᛇᛃᛞᛈᛇᛟᛜᛞᛏᛇᛃᛈᛞᛟᛇᛗᛞᛈᛇᛟᛃᛞᛏᛇᛈᛟᛞᛇᛜᛃᛞᛈᛇᛟᛗᛞᛏᛇᛃᛈᛞᛟᛇᛏᛞᛈᛇᛟᛃᛞᛇᛗᛟᛈᛞᛏᛇᛃᛟᛞᛈᛇᛟᛞᛇᛃᛈᛏᛞᛟᛇᛗᛈᛞᛏᛇᛟᛃᛞᛈᛇᛜᛟᛞᛇᛃᛈᛏᛞᛟᛇᛗᛞᛈᛇᛟᛃᛞᛏᛇᛈᛟᛞᛇᛜᛃᛞᛈᛇᛟᛗᛞᛏᛇᛃᛈᛞ
ᛟᛞᛟᛇᛈᛃᛞᛗᛇᛏᛈᛞᛟᛇᛃᛞᛈᛇᛟᛜᛞᛏᛇᛃᛈᛞᛟᛇᛗᛞᛈᛇᛟᛃᛞᛏᛇᛈᛟᛞᛇᛜᛃᛞᛈᛇᛟᛗᛞᛏᛇᛃᛈᛞᛟᛇᛏᛞᛈᛇᛟᛃᛞᛇᛗᛟᛈᛞᛏᛇᛃᛟᛞᛈᛇᛟᛞᛇᛃᛈᛏᛞᛟᛇᛗᛈᛞᛏᛇᛟᛃᛞᛈᛇᛜᛟᛞᛇᛃᛈᛏᛞᛟᛇᛗᛞᛈᛇᛟᛃᛞᛏᛇᛈᛟᛞᛇᛜᛃᛞᛈᛇᛟᛗᛞᛏᛇᛃᛈᛞᛟᛇᛏᛞᛈᛇᛟᛃᛞᛇᛗᛟᛈᛞᛏᛇᛃᛟᛞᛈᛇ
ᚦᛟᛇᛃᛈᛞᛏᛇᛟᛜᛞᛈᛇᛃᛗᛞᛟᛇᛏᛞᛈᛃᛇᛟᛞᛗᛇᛏᛈᛞᛟᛇᛃᛞᛈᛇᛟᛜᛞᛏᛇᛃᛈᛞᛟᛇᛗᛞᛈᛇᛟᛃᛞᛏᛇᛈᛟᛞᛇᛜᛃᛞᛈᛇᛟᛗᛞᛏᛇᛃᛈᛞᛟᛇᛏᛞᛈᛇᛟᛃᛞᛇᛗᛟᛈᛞᛏᛇᛃᛟᛞᛈᛇᛟᛞᛇᛃᛈᛏᛞᛟᛇᛗᛈᛞᛏᛇᛟᛃᛞᛈᛇᛜᛟᛞᛇᛃᛈᛏᛞᛟᛇᛗᛞᛈᛇᛟᛃᛞᛏᛇᛈᛟᛞᛇᛜᛃᛞᛈᛇᛟᛗᛞᛏᛇᛃᛈᛞᛟᛇ
ᛗᛞᛟᛇᛈᛃᛞᛗᛇᛏᛈᛞᛟᛇᛃᛞᛈᛇᛟᛜᛞᛏᛇᛃᛈᛞᛟᛇᛗᛞᛈᛇᛟᛃᛞᛏᛇᛈᛟᛞᛇᛜᛃᛞᛈᛇᛟᛗᛞᛏᛇᛃᛈᛞᛟᛇᛏᛞᛈᛇᛟᛃᛞᛇᛗᛟᛈᛞᛏᛇᛃᛟᛞᛈᛇᛟᛞᛇᛃᛈᛏᛞᛟᛇᛗᛈᛞᛏᛇᛟᛃᛞᛈᛇᛜᛟᛞᛇᛃᛈᛏᛞᛟᛇᛗᛞᛈᛇᛟᛃᛞᛏᛇᛈᛟᛞᛇᛜᛃᛞᛈᛇᛟᛗᛞᛏᛇᛃᛈᛞᛟᛇᛏᛞᛈᛇᛟᛃᛞᛇᛗᛟᛈᛞᛏᛇᛃᛟᛞᛈ
ᚾᛟᛇᛃᛈᛞᛏᛇᛟᛜᛞᛈᛇᛃᛗᛞᛟᛇᛏᛞᛈᛃᛇᛟᛞᛗᛇᛏᛈᛞᛟᛇᛃᛞᛈᛇᛟᛜᛞᛏᛇᛃᛈᛞᛟᛇᛗᛞᛈᛇᛟᛃᛞᛏᛇᛈᛟᛞᛇᛜᛃᛞᛈᛇᛟᛗᛞᛏᛇᛃᛈᛞᛟᛇᛏᛞᛈᛇᛟᛃᛞᛇᛗᛟᛈᛞᛏᛇᛃᛟᛞᛈᛇᛟᛞᛇᛃᛈᛏᛞᛟᛇᛗᛈᛞᛏᛇᛟᛃᛞᛈᛇᛜᛟᛞᛇᛃᛈᛏᛞᛟᛇᛗᛞᛈᛇᛟᛃᛞᛏᛇᛈᛟᛞᛇᛜᛃᛞᛈᛇᛟᛗᛞᛏᛇᛃᛈᛞᛟᛇᛏᛞ
ᛈᛞᛟᛇᛈᛃᛞᛗᛇᛏᛈᛞᛟᛇᛃᛞᛈᛇᛟᛜᛞᛏᛇᛃᛈᛞᛟᛇᛗᛞᛈᛇᛟᛃᛞᛏᛇᛈᛟᛞᛇᛜᛃᛞᛈᛇᛟᛗᛞᛏᛇᛃᛈᛞᛟᛇᛏᛞᛈᛇᛟᛃᛞᛇᛗᛟᛈᛞᛏᛇᛃᛟᛞᛈᛇᛟᛞᛇᛃᛈᛏᛞᛟᛇᛗᛈᛞᛏᛇᛟᛃᛞᛈᛇᛜᛟᛞᛇᛃᛈᛏᛞᛟᛇᛗᛞᛈᛇᛟᛃᛞᛏᛇᛈᛟᛞᛇᛜᛃᛞᛈᛇᛟᛗᛞᛏᛇᛃᛈᛞᛟᛇᛏᛞᛈᛇᛟᛃᛞᛇᛗᛟᛈᛞᛏᛇᛃᛟᛞᛈᛇᛟᛞᛇᛃ
ᚨᛟᛇᛃᛈᛞᛏᛇᛟᛜᛞᛈᛇᛃᛗᛞᛟᛇᛏᛞᛈᛃᛇᛟᛞᛗᛇᛏᛈᛞᛟᛇᛃᛞᛈᛇᛟᛜᛞᛏᛇᛃᛈᛞᛟᛇᛗᛞᛈᛇᛟᛃᛞᛏᛇᛈᛟᛞᛇᛜᛃᛞᛈᛇᛟᛗᛞᛏᛇᛃᛈᛞᛟᛇᛏᛞᛈᛇᛟᛃᛞᛇᛗᛟᛈᛞᛏᛇᛃᛟᛞᛈᛇᛟᛞᛇᛃᛈᛏᛞᛟᛇᛗᛈᛞᛏᛇᛟᛃᛞᛈᛇᛜᛟᛞᛇᛃᛈᛏᛞᛟᛇᛗᛞᛈᛇᛟᛃᛞᛏᛇᛈᛟᛞᛇᛜᛃᛞᛈᛇᛟᛗᛞᛏᛇᛃᛈᛞᛟᛇᛏ
ᛊᛞᛟᛇᛈᛃᛞᛗᛇᛏᛈᛞᛟᛇᛃᛞᛈᛇᛟᛜᛞᛏᛇᛃᛈᛞᛟᛇᛗᛞᛈᛇᛟᛃᛞᛏᛇᛈᛟᛞᛇᛜᛃᛞᛈᛇᛟᛗᛞᛏᛇᛃᛈᛞᛟᛇᛏᛞᛈᛇᛟᛃᛞᛇᛗᛟᛈᛞᛏᛇᛃᛟᛞᛈᛇᛟᛞᛇᛃᛈᛏᛞᛟᛇᛗᛈᛞᛏᛇᛟᛃᛞᛈᛇᛜᛟᛞᛇᛃᛈᛏᛞᛟᛇᛗᛞᛈᛇᛟᛃᛞᛏᛇᛈᛟᛞᛇᛜᛃᛞᛈᛇᛟᛗᛞᛏᛇᛃᛈᛞᛟᛇᛏᛞᛈᛇᛟᛃᛞᛇᛗᛟᛈᛞᛏᛇᛃᛟᛞᛈᛇ
Reply	Thread	Freeze Thread	Spam	Delete
